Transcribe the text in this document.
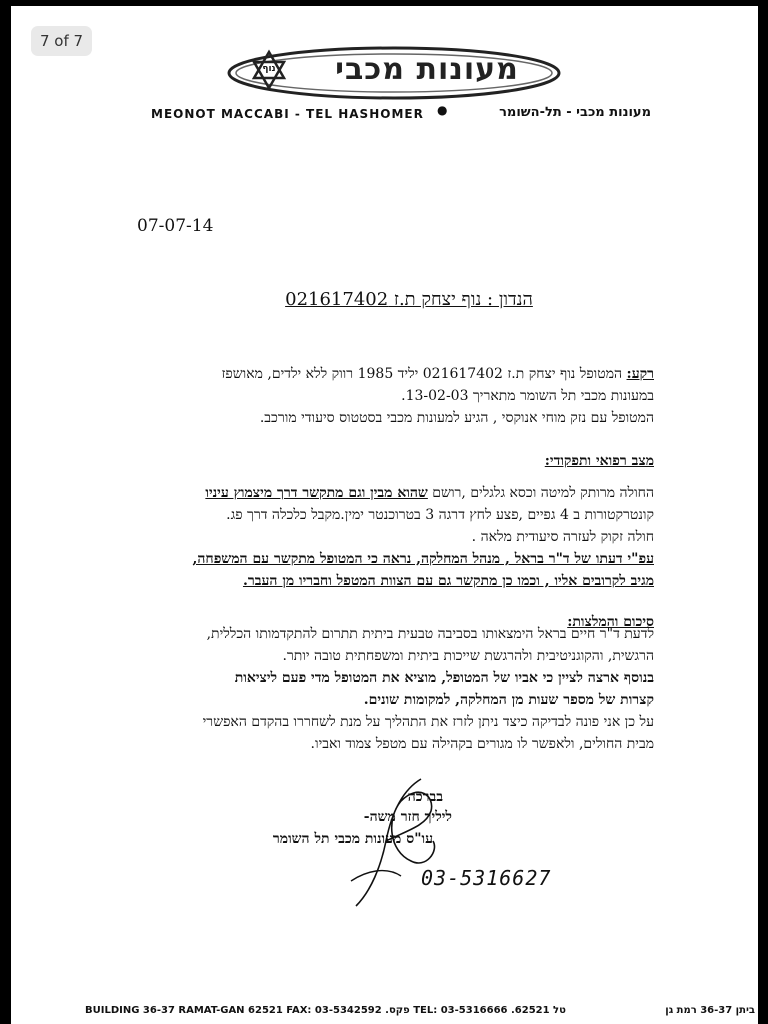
7 of 7
נוף	מעונות מכבי
MEONOT MACCABI - TEL HASHOMER ●	מעונות מכבי - תל-השומר
07-07-14
הנדון : נוף יצחק ת.ז 021617402
רקע: המטופל נוף יצחק ת.ז 021617402 יליד 1985 רווק ללא ילדים, מאושפז
במעונות מכבי תל השומר מתאריך 13-02-03.
המטופל עם נזק מוחי אנוקסי , הגיע למעונות מכבי בסטטוס סיעודי מורכב.
מצב רפואי ותפקודי:
החולה מרותק למיטה וכסא גלגלים ,רושם שהוא מבין וגם מתקשר דרך מיצמוץ עיניו
קונטרקטורות ב 4 גפיים ,פצע לחץ דרגה 3 בטרוכנטר ימין.מקבל כלכלה דרך פג.
חולה זקוק לעזרה סיעודית מלאה .
עפ"י דעתו של ד"ר בראל , מנהל המחלקה, נראה כי המטופל מתקשר עם המשפחה,
מגיב לקרובים אליו , וכמו כן מתקשר גם עם הצוות המטפל וחבריו מן העבר.
סיכום והמלצות:
לדעת ד"ר חיים בראל הימצאותו בסביבה טבעית ביתית תתרום להתקדמותו הכללית,
הרגשית, והקוגניטיבית ולהרגשת שייכות ביתית ומשפחתית טובה יותר.
בנוסף ארצה לציין כי אביו של המטופל, מוציא את המטופל מדי פעם ליציאות
קצרות של מספר שעות מן המחלקה, למקומות שונים.
על כן אני פונה לבדיקה כיצד ניתן לזרז את התהליך על מנת לשחררו בהקדם האפשרי
מבית החולים, ולאפשר לו מגורים בקהילה עם מטפל צמוד ואביו.
בברכה
ליליך חזר משה-
עו"ס מעונות מכבי תל השומר
03-5316627
BUILDING 36-37 RAMAT-GAN 62521 FAX: 03-5342592 .פקס TEL: 03-5316666 .טל 62521	ביתן 36-37 רמת גן
